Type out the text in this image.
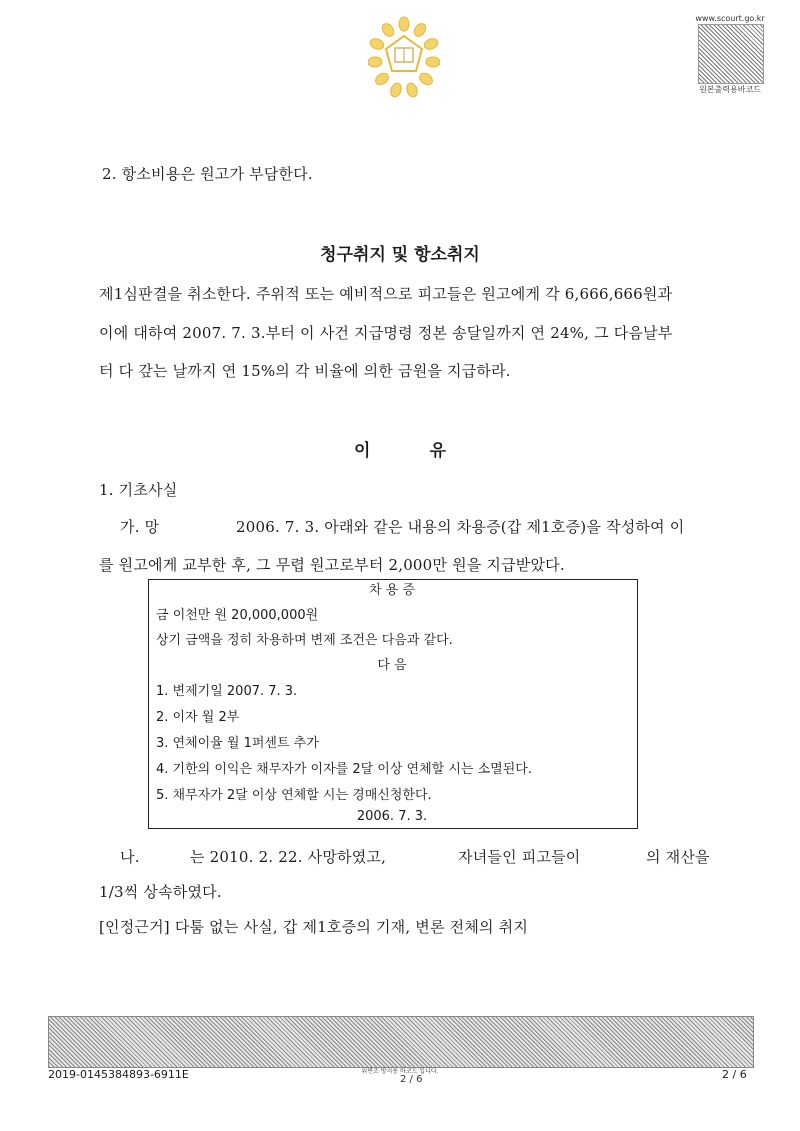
www.scourt.go.kr
원본출력용바코드
2. 항소비용은 원고가 부담한다.
청구취지 및 항소취지
제1심판결을 취소한다. 주위적 또는 예비적으로 피고들은 원고에게 각 6,666,666원과
이에 대하여 2007. 7. 3.부터 이 사건 지급명령 정본 송달일까지 연 24%, 그 다음날부
터 다 갚는 날까지 연 15%의 각 비율에 의한 금원을 지급하라.
이          유
1. 기초사실
가. 망	2006. 7. 3. 아래와 같은 내용의 차용증(갑 제1호증)을 작성하여 이
를 원고에게 교부한 후, 그 무렵 원고로부터 2,000만 원을 지급받았다.
차 용 증
금 이천만 원 20,000,000원
상기 금액을 정히 차용하며 변제 조건은 다음과 같다.
다 음
1. 변제기일 2007. 7. 3.
2. 이자 월 2부
3. 연체이율 월 1퍼센트 추가
4. 기한의 이익은 채무자가 이자를 2달 이상 연체할 시는 소멸된다.
5. 채무자가 2달 이상 연체할 시는 경매신청한다.
2006. 7. 3.
나.	는 2010. 2. 22. 사망하였고,	자녀들인 피고들이	의 재산을
1/3씩 상속하였다.
[인정근거] 다툼 없는 사실, 갑 제1호증의 기재, 변론 전체의 취지
2019-0145384893-6911E	위변조 방지용 바코드 입니다.
2 / 6	2 / 6
